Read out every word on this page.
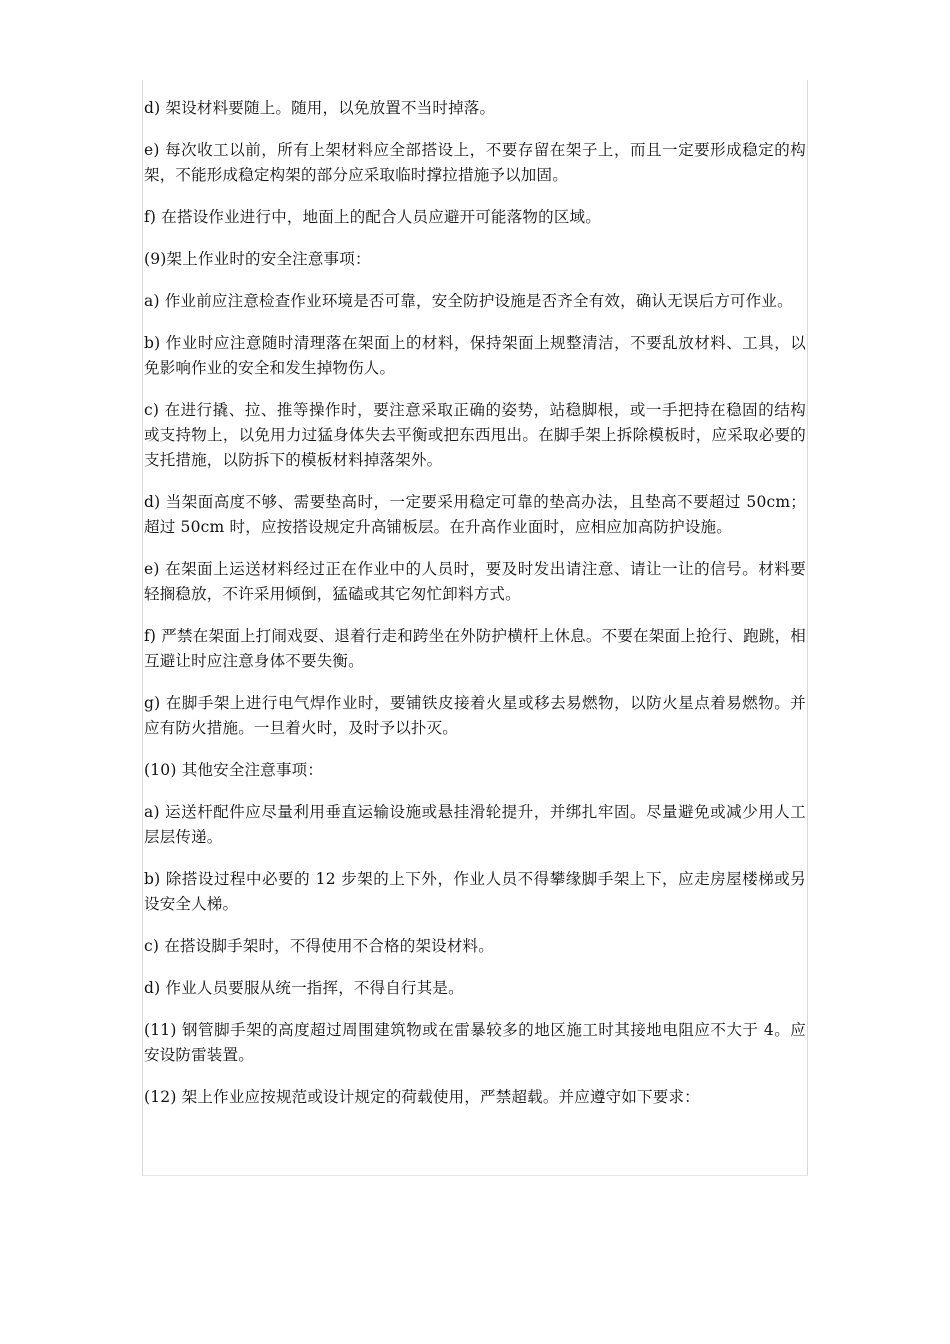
d) 架设材料要随上。随用，以免放置不当时掉落。

e) 每次收工以前，所有上架材料应全部搭设上，不要存留在架子上，而且一定要形成稳定的构架，不能形成稳定构架的部分应采取临时撑拉措施予以加固。

f) 在搭设作业进行中，地面上的配合人员应避开可能落物的区域。

(9)架上作业时的安全注意事项：

a) 作业前应注意检查作业环境是否可靠，安全防护设施是否齐全有效，确认无误后方可作业。

b) 作业时应注意随时清理落在架面上的材料，保持架面上规整清洁，不要乱放材料、工具，以免影响作业的安全和发生掉物伤人。

c) 在进行撬、拉、推等操作时，要注意采取正确的姿势，站稳脚根，或一手把持在稳固的结构或支持物上，以免用力过猛身体失去平衡或把东西甩出。在脚手架上拆除模板时，应采取必要的支托措施，以防拆下的模板材料掉落架外。

d) 当架面高度不够、需要垫高时，一定要采用稳定可靠的垫高办法，且垫高不要超过 50cm；超过 50cm 时，应按搭设规定升高铺板层。在升高作业面时，应相应加高防护设施。

e) 在架面上运送材料经过正在作业中的人员时，要及时发出请注意、请让一让的信号。材料要轻搁稳放，不许采用倾倒，猛磕或其它匆忙卸料方式。

f) 严禁在架面上打闹戏耍、退着行走和跨坐在外防护横杆上休息。不要在架面上抢行、跑跳，相互避让时应注意身体不要失衡。

g) 在脚手架上进行电气焊作业时，要铺铁皮接着火星或移去易燃物，以防火星点着易燃物。并应有防火措施。一旦着火时，及时予以扑灭。

(10) 其他安全注意事项：

a) 运送杆配件应尽量利用垂直运输设施或悬挂滑轮提升，并绑扎牢固。尽量避免或减少用人工层层传递。

b) 除搭设过程中必要的 12 步架的上下外，作业人员不得攀缘脚手架上下，应走房屋楼梯或另设安全人梯。

c) 在搭设脚手架时，不得使用不合格的架设材料。

d) 作业人员要服从统一指挥，不得自行其是。

(11) 钢管脚手架的高度超过周围建筑物或在雷暴较多的地区施工时其接地电阻应不大于 4。应安设防雷装置。

(12) 架上作业应按规范或设计规定的荷载使用，严禁超载。并应遵守如下要求：
